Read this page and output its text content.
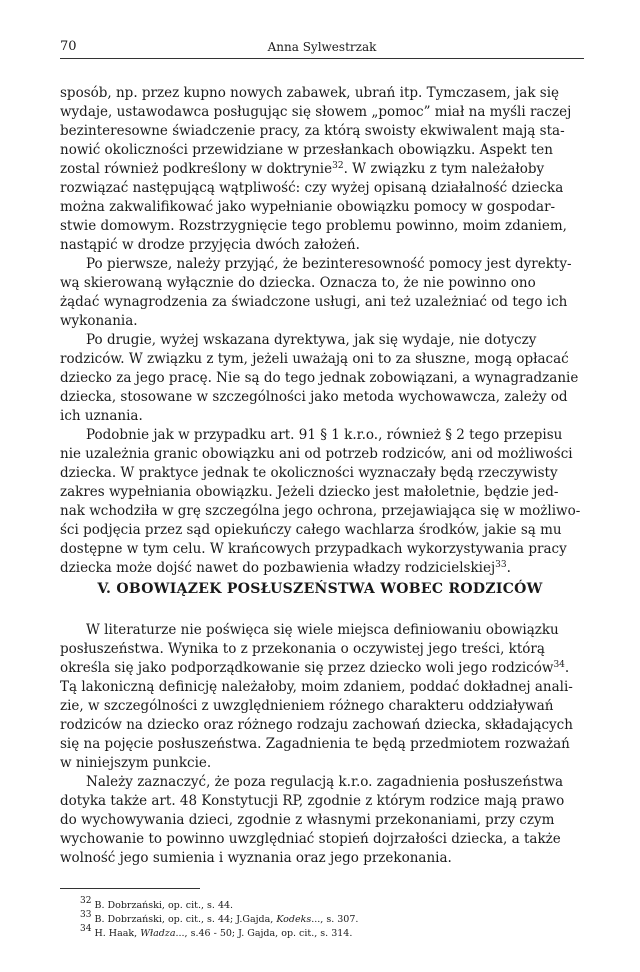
70	Anna Sylwestrzak
sposób, np. przez kupno nowych zabawek, ubrań itp. Tymczasem, jak się
wydaje, ustawodawca posługując się słowem „pomoc” miał na myśli raczej
bezinteresowne świadczenie pracy, za którą swoisty ekwiwalent mają sta-
nowić okoliczności przewidziane w przesłankach obowiązku. Aspekt ten
zostal również podkreślony w doktrynie$^{32}$. W związku z tym należałoby
rozwiązać następującą wątpliwość: czy wyżej opisaną działalność dziecka
można zakwalifikować jako wypełnianie obowiązku pomocy w gospodar-
stwie domowym. Rozstrzygnięcie tego problemu powinno, moim zdaniem,
nastąpić w drodze przyjęcia dwóch założeń.
Po pierwsze, należy przyjąć, że bezinteresowność pomocy jest dyrekty-
wą skierowaną wyłącznie do dziecka. Oznacza to, że nie powinno ono
żądać wynagrodzenia za świadczone usługi, ani też uzależniać od tego ich
wykonania.
Po drugie, wyżej wskazana dyrektywa, jak się wydaje, nie dotyczy
rodziców. W związku z tym, jeżeli uważają oni to za słuszne, mogą opłacać
dziecko za jego pracę. Nie są do tego jednak zobowiązani, a wynagradzanie
dziecka, stosowane w szczególności jako metoda wychowawcza, zależy od
ich uznania.
Podobnie jak w przypadku art. 91 § 1 k.r.o., również § 2 tego przepisu
nie uzależnia granic obowiązku ani od potrzeb rodziców, ani od możliwości
dziecka. W praktyce jednak te okoliczności wyznaczały będą rzeczywisty
zakres wypełniania obowiązku. Jeżeli dziecko jest małoletnie, będzie jed-
nak wchodziła w grę szczególna jego ochrona, przejawiająca się w możliwo-
ści podjęcia przez sąd opiekuńczy całego wachlarza środków, jakie są mu
dostępne w tym celu. W krańcowych przypadkach wykorzystywania pracy
dziecka może dojść nawet do pozbawienia władzy rodzicielskiej$^{33}$.
V. OBOWIĄZEK POSŁUSZEŃSTWA WOBEC RODZICÓW
W literaturze nie poświęca się wiele miejsca definiowaniu obowiązku
posłuszeństwa. Wynika to z przekonania o oczywistej jego treści, którą
określa się jako podporządkowanie się przez dziecko woli jego rodziców$^{34}$.
Tą lakoniczną definicję należałoby, moim zdaniem, poddać dokładnej anali-
zie, w szczególności z uwzględnieniem różnego charakteru oddziaływań
rodziców na dziecko oraz różnego rodzaju zachowań dziecka, składających
się na pojęcie posłuszeństwa. Zagadnienia te będą przedmiotem rozważań
w niniejszym punkcie.
Należy zaznaczyć, że poza regulacją k.r.o. zagadnienia posłuszeństwa
dotyka także art. 48 Konstytucji RP, zgodnie z którym rodzice mają prawo
do wychowywania dzieci, zgodnie z własnymi przekonaniami, przy czym
wychowanie to powinno uwzględniać stopień dojrzałości dziecka, a także
wolność jego sumienia i wyznania oraz jego przekonania.
$^{32}$ B. Dobrzański, op. cit., s. 44.
$^{33}$ B. Dobrzański, op. cit., s. 44; J.Gajda, Kodeks..., s. 307.
$^{34}$ H. Haak, Władza..., s.46 - 50; J. Gajda, op. cit., s. 314.
